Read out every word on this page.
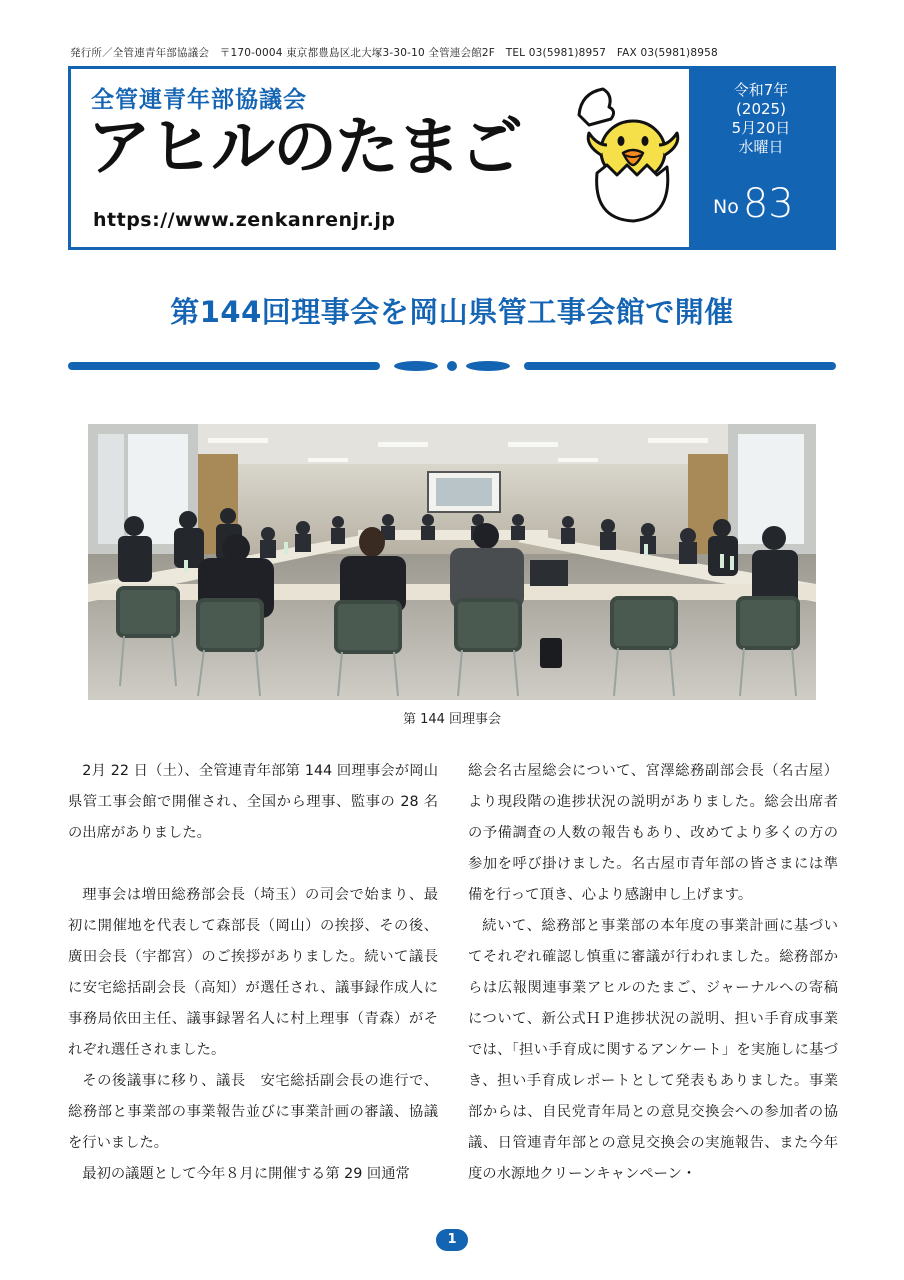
発行所／全管連青年部協議会　〒170-0004 東京都豊島区北大塚3-30-10 全管連会館2F　TEL 03(5981)8957　FAX 03(5981)8958
全管連青年部協議会
アヒルのたまご
https://www.zenkanrenjr.jp
令和7年
(2025)
5月20日
水曜日
No 83
第144回理事会を岡山県管工事会館で開催
第 144 回理事会

2月 22 日（土）、全管連青年部第 144 回理事会が岡山県管工事会館で開催され、全国から理事、監事の 28 名の出席がありました。

理事会は増田総務部会長（埼玉）の司会で始まり、最初に開催地を代表して森部長（岡山）の挨拶、その後、廣田会長（宇都宮）のご挨拶がありました。続いて議長に安宅総括副会長（高知）が選任され、議事録作成人に事務局依田主任、議事録署名人に村上理事（青森）がそれぞれ選任されました。

その後議事に移り、議長　安宅総括副会長の進行で、総務部と事業部の事業報告並びに事業計画の審議、協議を行いました。

最初の議題として今年８月に開催する第 29 回通常

総会名古屋総会について、宮澤総務副部会長（名古屋）より現段階の進捗状況の説明がありました。総会出席者の予備調査の人数の報告もあり、改めてより多くの方の参加を呼び掛けました。名古屋市青年部の皆さまには準備を行って頂き、心より感謝申し上げます。

続いて、総務部と事業部の本年度の事業計画に基づいてそれぞれ確認し慎重に審議が行われました。総務部からは広報関連事業アヒルのたまご、ジャーナルへの寄稿について、新公式ＨＰ進捗状況の説明、担い手育成事業では、「担い手育成に関するアンケート」を実施しに基づき、担い手育成レポートとして発表もありました。事業部からは、自民党青年局との意見交換会への参加者の協議、日管連青年部との意見交換会の実施報告、また今年度の水源地クリーンキャンペーン・

1
